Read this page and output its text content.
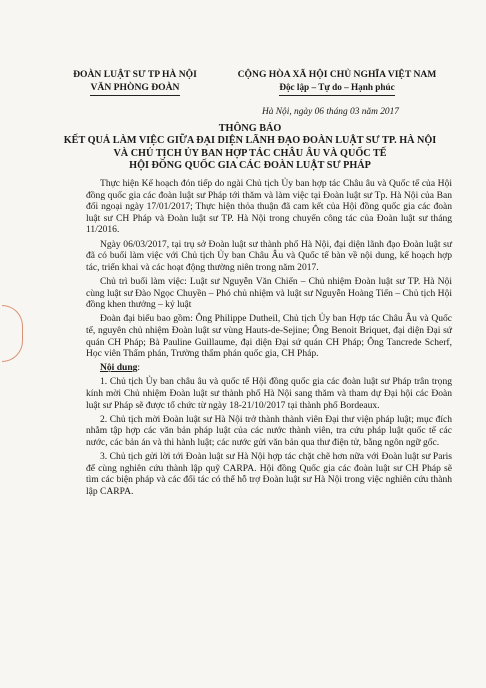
ĐOÀN LUẬT SƯ TP HÀ NỘI
VĂN PHÒNG ĐOÀN
CỘNG HÒA XÃ HỘI CHỦ NGHĨA VIỆT NAM
Độc lập – Tự do – Hạnh phúc
Hà Nội, ngày 06 tháng 03 năm 2017
THÔNG BÁO
KẾT QUẢ LÀM VIỆC GIỮA ĐẠI DIỆN LÃNH ĐẠO ĐOÀN LUẬT SƯ TP. HÀ NỘI
VÀ CHỦ TỊCH ỦY BAN HỢP TÁC CHÂU ÂU VÀ QUỐC TẾ
HỘI ĐỒNG QUỐC GIA CÁC ĐOÀN LUẬT SƯ PHÁP

Thực hiện Kế hoạch đón tiếp do ngài Chủ tịch Ủy ban hợp tác Châu âu và Quốc tế của Hội đồng quốc gia các đoàn luật sư Pháp tới thăm và làm việc tại Đoàn luật sư Tp. Hà Nội của Ban đối ngoại ngày 17/01/2017; Thực hiện thỏa thuận đã cam kết của Hội đồng quốc gia các đoàn luật sư CH Pháp và Đoàn luật sư TP. Hà Nội trong chuyến công tác của Đoàn luật sư tháng 11/2016.

Ngày 06/03/2017, tại trụ sở Đoàn luật sư thành phố Hà Nội, đại diện lãnh đạo Đoàn luật sư đã có buổi làm việc với Chủ tịch Ủy ban Châu Âu và Quốc tế bàn về nội dung, kế hoạch hợp tác, triển khai và các hoạt động thường niên trong năm 2017.

Chủ trì buổi làm việc: Luật sư Nguyễn Văn Chiến – Chủ nhiệm Đoàn luật sư TP. Hà Nội cùng luật sư Đào Ngọc Chuyền – Phó chủ nhiệm và luật sư Nguyễn Hoàng Tiến – Chủ tịch Hội đồng khen thưởng – kỷ luật

Đoàn đại biểu bao gồm: Ông Philippe Dutheil, Chủ tịch Ủy ban Hợp tác Châu Âu và Quốc tế, nguyên chủ nhiệm Đoàn luật sư vùng Hauts-de-Sejine; Ông Benoit Briquet, đại diện Đại sứ quán CH Pháp; Bà Pauline Guillaume, đại diện Đại sứ quán CH Pháp; Ông Tancrede Scherf, Học viên Thẩm phán, Trường thẩm phán quốc gia, CH Pháp.

Nội dung:

1. Chủ tịch Ủy ban châu âu và quốc tế Hội đồng quốc gia các đoàn luật sư Pháp trân trọng kính mời Chủ nhiệm Đoàn luật sư thành phố Hà Nội sang thăm và tham dự Đại hội các Đoàn luật sư Pháp sẽ được tổ chức từ ngày 18-21/10/2017 tại thành phố Bordeaux.

2. Chủ tịch mời Đoàn luật sư Hà Nội trở thành thành viên Đại thư viện pháp luật; mục đích nhằm tập hợp các văn bản pháp luật của các nước thành viên, tra cứu pháp luật quốc tế các nước, các bản án và thi hành luật; các nước gửi văn bản qua thư điện tử, bằng ngôn ngữ gốc.

3. Chủ tịch gửi lời tới Đoàn luật sư Hà Nội hợp tác chặt chẽ hơn nữa với Đoàn luật sư Paris để cùng nghiên cứu thành lập quỹ CARPA. Hội đồng Quốc gia các đoàn luật sư CH Pháp sẽ tìm các biện pháp và các đối tác có thể hỗ trợ Đoàn luật sư Hà Nội trong việc nghiên cứu thành lập CARPA.
